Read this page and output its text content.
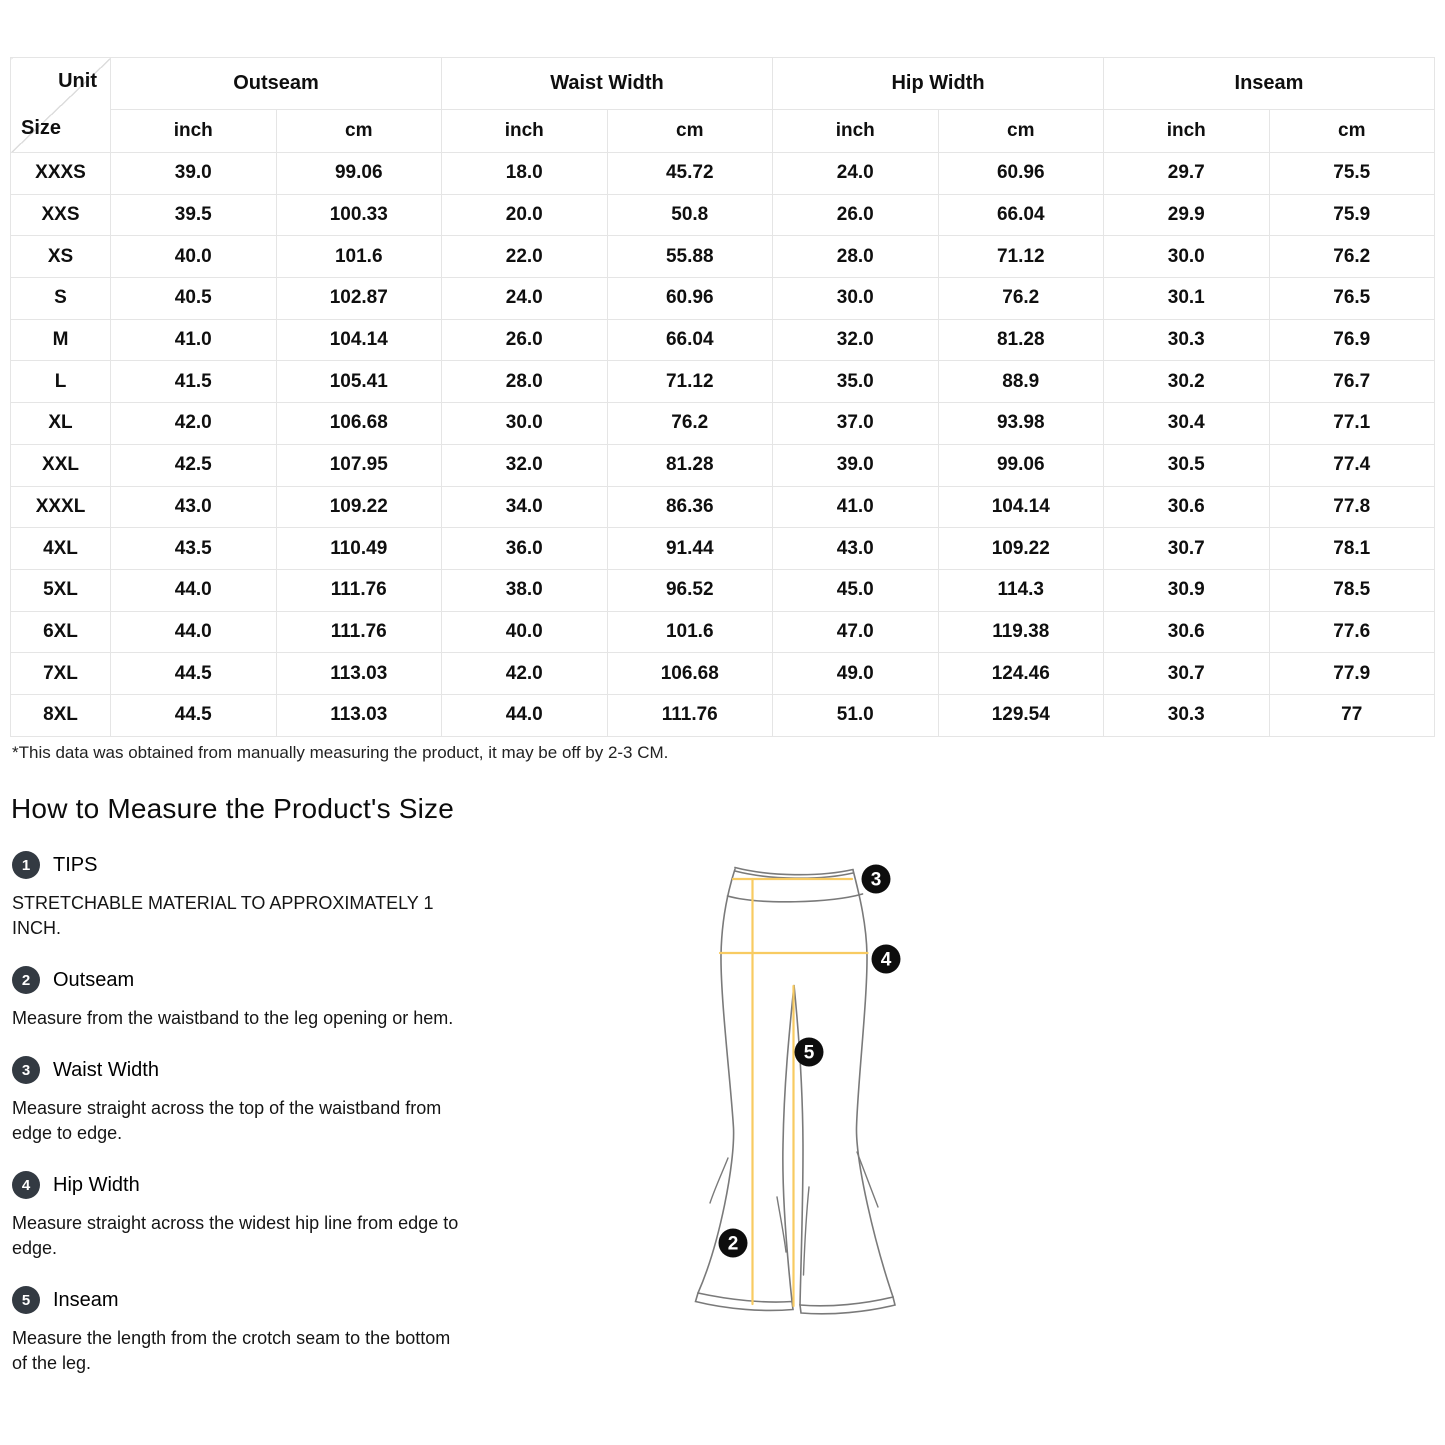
Unit
Size	Outseam		Waist Width		Hip Width		Inseam	
	inch	cm	inch	cm	inch	cm	inch	cm
XXXS	39.0	99.06	18.0	45.72	24.0	60.96	29.7	75.5
XXS	39.5	100.33	20.0	50.8	26.0	66.04	29.9	75.9
XS	40.0	101.6	22.0	55.88	28.0	71.12	30.0	76.2
S	40.5	102.87	24.0	60.96	30.0	76.2	30.1	76.5
M	41.0	104.14	26.0	66.04	32.0	81.28	30.3	76.9
L	41.5	105.41	28.0	71.12	35.0	88.9	30.2	76.7
XL	42.0	106.68	30.0	76.2	37.0	93.98	30.4	77.1
XXL	42.5	107.95	32.0	81.28	39.0	99.06	30.5	77.4
XXXL	43.0	109.22	34.0	86.36	41.0	104.14	30.6	77.8
4XL	43.5	110.49	36.0	91.44	43.0	109.22	30.7	78.1
5XL	44.0	111.76	38.0	96.52	45.0	114.3	30.9	78.5
6XL	44.0	111.76	40.0	101.6	47.0	119.38	30.6	77.6
7XL	44.5	113.03	42.0	106.68	49.0	124.46	30.7	77.9
8XL	44.5	113.03	44.0	111.76	51.0	129.54	30.3	77

*This data was obtained from manually measuring the product, it may be off by 2-3 CM.

How to Measure the Product's Size
1	TIPS

STRETCHABLE MATERIAL TO APPROXIMATELY 1 INCH.

2	Outseam

Measure from the waistband to the leg opening or hem.

3	Waist Width

Measure straight across the top of the waistband from edge to edge.

4	Hip Width

Measure straight across the widest hip line from edge to edge.

5	Inseam

Measure the length from the crotch seam to the bottom of the leg.

3
4
5
2
